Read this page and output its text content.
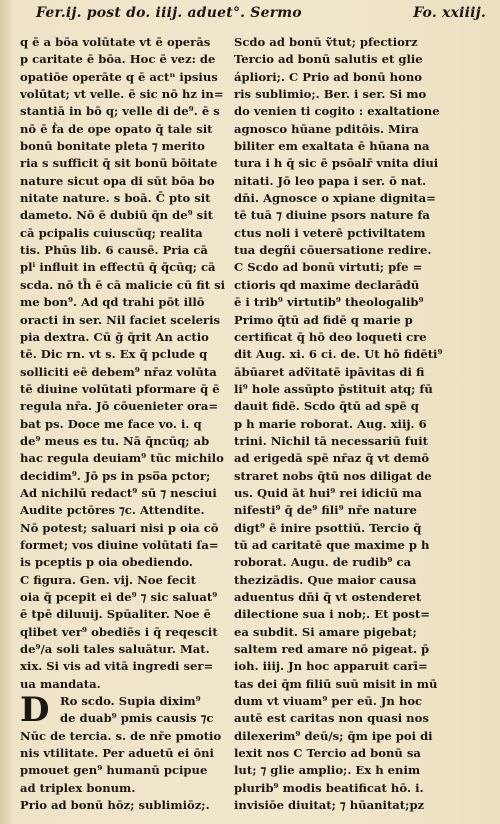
Fer.ij. post do. iiij. aduet°. Sermo	Fo. xxiiij.
q ē a bōa volūtate vt ē operās
p caritate ē bōa. Hoc ē vez: de
opatiōe operāte q ē actⁿ ipsius
volūtat; vt velle. ē sic nō hz in=
stantiā in bō q; velle di de⁹. ē s
nō ē ḟa de ope opato q̄ tale sit
bonū bonitate pleta ⁊ merito
ria s sufficit q̄ sit bonū bōitate
nature sicut opa di sūt bōa bo
nitate nature. s boā. C̄ pto sit
dameto. Nō ē dubiū q̄n de⁹ sit
cā pcipalis cuiuscūq; realita
tis. Phūs lib. 6 causē. Pria cā
plⁱ influit in effectū q̄ q̄cūq; cā
scda. nō th̄ ē cā malicie cū fit si
me bon⁹. Ad qd trahi pōt illō
oracti in ser. Nil faciet sceleris
pia dextra. Cū ḡ q̄rit An actio
tē. Dic rn. vt s. Ex q̄ pclude q
solliciti eē debem⁹ nr̄az volūta
tē diuine volūtati pformare q̄ ē
regula nr̄a. Jō cōuenieter ora=
bat ps. Doce me face vo. i. q
de⁹ meus es tu. Nā q̄ncūq; ab
hac regula deuiam⁹ tūc michilo
decidim⁹. Jō ps in pso̅a pctor;
Ad nichilū redact⁹ sū ⁊ nesciui
Audite pctōres ⁊c. Attendite.
Nō potest; saluari nisi p oia cō
formet; vos diuine volūtati ſa=
is pceptis p oia obediendo.
C figura. Gen. vij. Noe fecit
oia q̄ pcepit ei de⁹ ⁊ sic saluat⁹
ē tpē diluuij. Spūaliter. Noe ē
qlibet ver⁹ obediēs i q̄ reqescit
de⁹/a soli tales saluātur. Mat.
xix. Si vis ad vitā ingredi ser=
ua mandata.
D Ro scdo. Supia dixim⁹
de duab⁹ pmis causis ⁊c
Nūc de tercia. s. de nr̄e pmotio
nis vtilitate. Per aduetū ei ōni
pmouet gen⁹ humanū pcipue
ad triplex bonum.
Prio ad bonū hōz; sublimiōz;.
Scdo ad bonū ṽtut; pfectiorz
Tercio ad bonū salutis et glie
ápliori;. C Prio ad bonū hono
ris sublimio;. Ber. i ser. Si mo
do venien ti cogito : exaltatione
agnosco hūane pditōis. Mira
biliter em exaltata ē hūana na
tura i h q̄ sic ē psōalr̄ vnita diui
nitati. Jō leo papa i ser. ō nat.
dn̄i. Agnosce o xpiane dignita=
tē tuā ⁊ diuine psors nature fa
ctus noli i veterē pctiviltatem
tua degñi cōuersatione redire.
C Scdo ad bonū virtuti; pfe =
ctioris qd maxime declarādū
ē i trib⁹ virtutib⁹ theologalib⁹
Primo q̄tū ad fidē q marie p
certificat q̄ hō deo loqueti cre
dit Aug. xi. 6 ci. de. Ut hō fidēti⁹
ābūaret adṽitatē ipāvitas di fi
li⁹ hole assūpto p̄stituit atq; fū
dauit fidē. Scdo q̄tū ad spē q
p h marie roborat. Aug. xiij. 6
trini. Nichil tā necessariū fuit
ad erigedā spē nr̄az q̄ vt demō
straret nobs q̄tū nos diligat de
us. Quid āt hui⁹ rei idiciū ma
nifesti⁹ q̄ de⁹ fili⁹ nr̄e nature
digt⁹ ē inire psottiū. Tercio q̄
tū ad caritatē que maxime p h
roborat. Augu. de rudib⁹ ca
thezizādis. Que maior causa
aduentus dn̄i q̄ vt ostenderet
dilectione sua i nob;. Et post=
ea subdit. Si amare pigebat;
saltem red amare nō pigeat. p̄
ioh. iiij. Jn hoc apparuit carī=
tas dei q̄m filiū suū misit in mū
dum vt viuam⁹ per eū. Jn hoc
autē est caritas non quasi nos
dilexerim⁹ deū/s; q̄m ipe poi di
lexit nos C Tercio ad bonū sa
lut; ⁊ glie amplio;. Ex h enim
plurib⁹ modis beatificat hō. i.
invisiōe diuitat; ⁊ hūanitat;pz
